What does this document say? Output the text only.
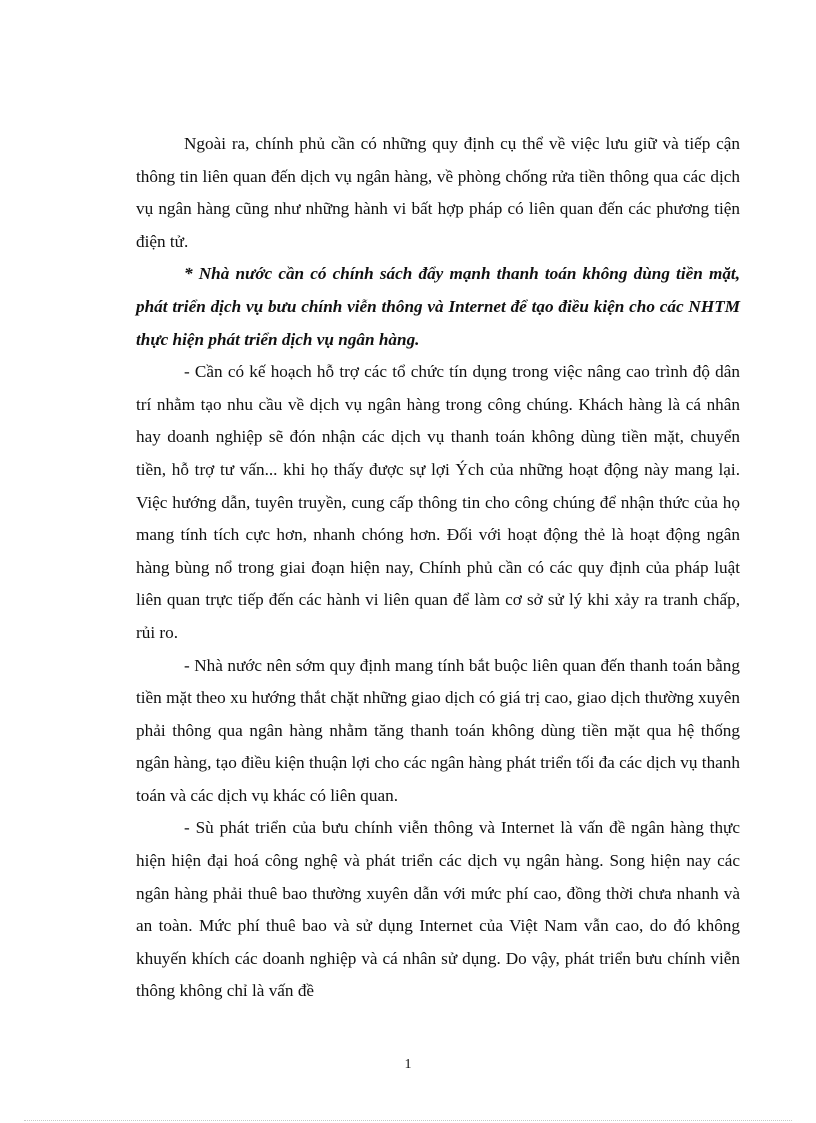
Ngoài ra, chính phủ cần có những quy định cụ thể về việc lưu giữ và tiếp cận thông tin liên quan đến dịch vụ ngân hàng, về phòng chống rửa tiền thông qua các dịch vụ ngân hàng cũng như những hành vi bất hợp pháp có liên quan đến các phương tiện điện tử.

* Nhà nước cần có chính sách đẩy mạnh thanh toán không dùng tiền mặt, phát triển dịch vụ bưu chính viễn thông và Internet để tạo điều kiện cho các NHTM thực hiện phát triển dịch vụ ngân hàng.

- Cần có kế hoạch hỗ trợ các tổ chức tín dụng trong việc nâng cao trình độ dân trí nhằm tạo nhu cầu về dịch vụ ngân hàng trong công chúng. Khách hàng là cá nhân hay doanh nghiệp sẽ đón nhận các dịch vụ thanh toán không dùng tiền mặt, chuyển tiền, hỗ trợ tư vấn... khi họ thấy được sự lợi Ých của những hoạt động này mang lại. Việc hướng dẫn, tuyên truyền, cung cấp thông tin cho công chúng để nhận thức của họ mang tính tích cực hơn, nhanh chóng hơn. Đối với hoạt động thẻ là hoạt động ngân hàng bùng nổ trong giai đoạn hiện nay, Chính phủ cần có các quy định của pháp luật liên quan trực tiếp đến các hành vi liên quan để làm cơ sở sử lý khi xảy ra tranh chấp, rủi ro.

- Nhà nước nên sớm quy định mang tính bắt buộc liên quan đến thanh toán bằng tiền mặt theo xu hướng thắt chặt những giao dịch có giá trị cao, giao dịch thường xuyên phải thông qua ngân hàng nhằm tăng thanh toán không dùng tiền mặt qua hệ thống ngân hàng, tạo điều kiện thuận lợi cho các ngân hàng phát triển tối đa các dịch vụ thanh toán và các dịch vụ khác có liên quan.

- Sù phát triển của bưu chính viễn thông và Internet là vấn đề ngân hàng thực hiện hiện đại hoá công nghệ và phát triển các dịch vụ ngân hàng. Song hiện nay các ngân hàng phải thuê bao thường xuyên dẫn với mức phí cao, đồng thời chưa nhanh và an toàn. Mức phí thuê bao và sử dụng Internet của Việt Nam vẫn cao, do đó không khuyến khích các doanh nghiệp và cá nhân sử dụng. Do vậy, phát triển bưu chính viễn thông không chỉ là vấn đề

1
